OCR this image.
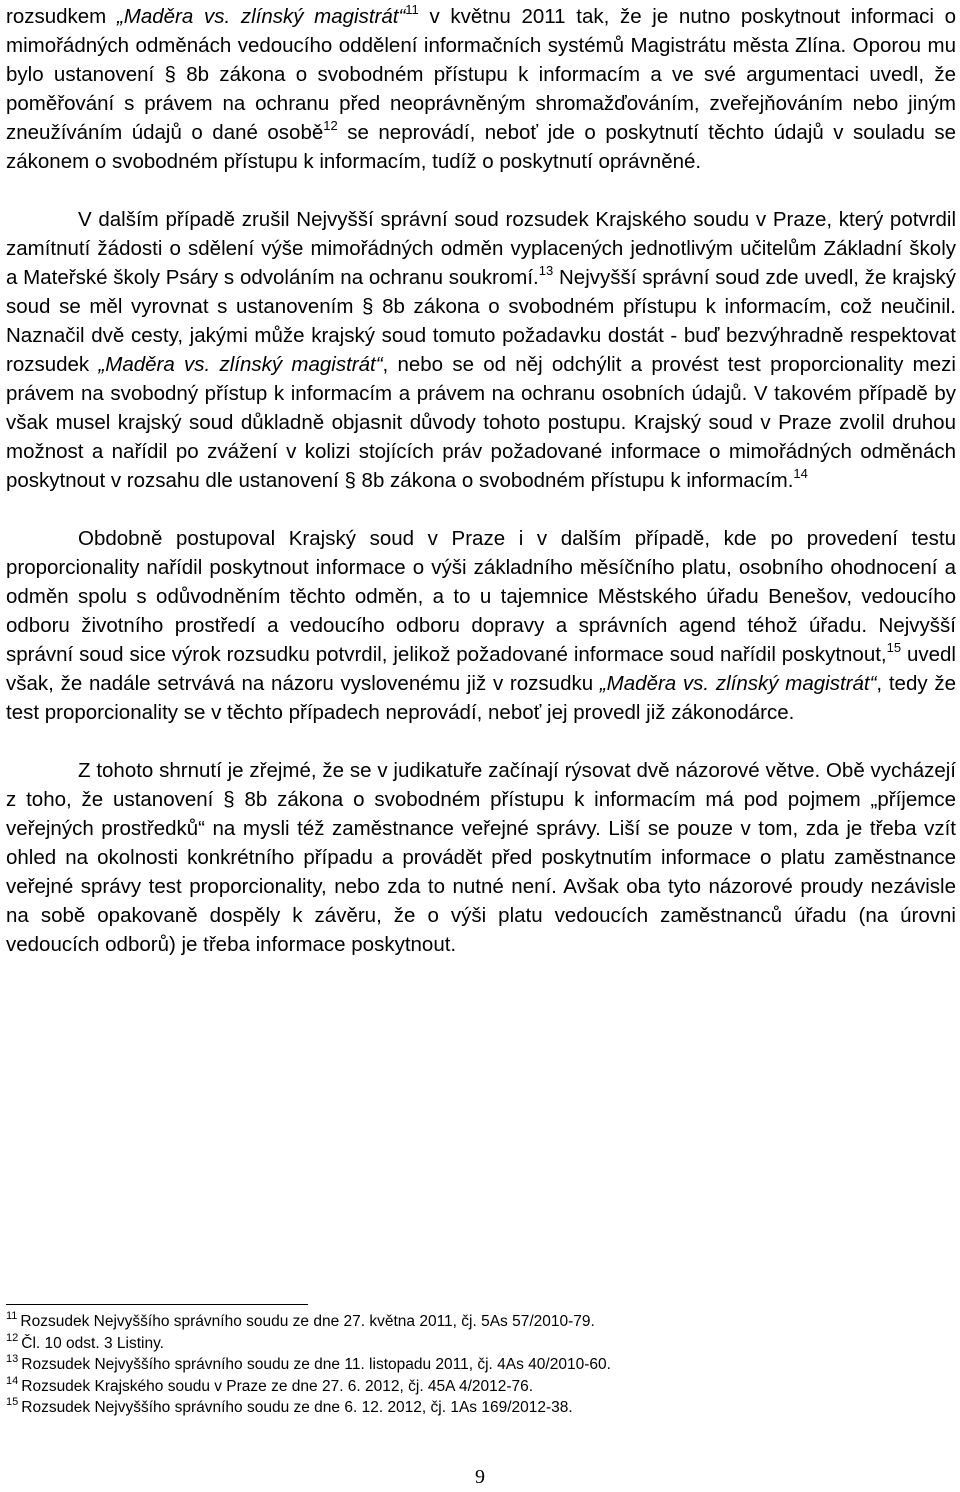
rozsudkem „Maděra vs. zlínský magistrát“$^{11}$ v květnu 2011 tak, že je nutno poskytnout informaci o mimořádných odměnách vedoucího oddělení informačních systémů Magistrátu města Zlína. Oporou mu bylo ustanovení § 8b zákona o svobodném přístupu k informacím a ve své argumentaci uvedl, že poměřování s právem na ochranu před neoprávněným shromažďováním, zveřejňováním nebo jiným zneužíváním údajů o dané osobě$^{12}$ se neprovádí, neboť jde o poskytnutí těchto údajů v souladu se zákonem o svobodném přístupu k informacím, tudíž o poskytnutí oprávněné.

V dalším případě zrušil Nejvyšší správní soud rozsudek Krajského soudu v Praze, který potvrdil zamítnutí žádosti o sdělení výše mimořádných odměn vyplacených jednotlivým učitelům Základní školy a Mateřské školy Psáry s odvoláním na ochranu soukromí.$^{13}$ Nejvyšší správní soud zde uvedl, že krajský soud se měl vyrovnat s ustanovením § 8b zákona o svobodném přístupu k informacím, což neučinil. Naznačil dvě cesty, jakými může krajský soud tomuto požadavku dostát - buď bezvýhradně respektovat rozsudek „Maděra vs. zlínský magistrát“, nebo se od něj odchýlit a provést test proporcionality mezi právem na svobodný přístup k informacím a právem na ochranu osobních údajů. V takovém případě by však musel krajský soud důkladně objasnit důvody tohoto postupu. Krajský soud v Praze zvolil druhou možnost a nařídil po zvážení v kolizi stojících práv požadované informace o mimořádných odměnách poskytnout v rozsahu dle ustanovení § 8b zákona o svobodném přístupu k informacím.$^{14}$

Obdobně postupoval Krajský soud v Praze i v dalším případě, kde po provedení testu proporcionality nařídil poskytnout informace o výši základního měsíčního platu, osobního ohodnocení a odměn spolu s odůvodněním těchto odměn, a to u tajemnice Městského úřadu Benešov, vedoucího odboru životního prostředí a vedoucího odboru dopravy a správních agend téhož úřadu. Nejvyšší správní soud sice výrok rozsudku potvrdil, jelikož požadované informace soud nařídil poskytnout,$^{15}$ uvedl však, že nadále setrvává na názoru vyslovenému již v rozsudku „Maděra vs. zlínský magistrát“, tedy že test proporcionality se v těchto případech neprovádí, neboť jej provedl již zákonodárce.

Z tohoto shrnutí je zřejmé, že se v judikatuře začínají rýsovat dvě názorové větve. Obě vycházejí z toho, že ustanovení § 8b zákona o svobodném přístupu k informacím má pod pojmem „příjemce veřejných prostředků“ na mysli též zaměstnance veřejné správy. Liší se pouze v tom, zda je třeba vzít ohled na okolnosti konkrétního případu a provádět před poskytnutím informace o platu zaměstnance veřejné správy test proporcionality, nebo zda to nutné není. Avšak oba tyto názorové proudy nezávisle na sobě opakovaně dospěly k závěru, že o výši platu vedoucích zaměstnanců úřadu (na úrovni vedoucích odborů) je třeba informace poskytnout.

$^{11}$ Rozsudek Nejvyššího správního soudu ze dne 27. května 2011, čj. 5As 57/2010-79.

$^{12}$ Čl. 10 odst. 3 Listiny.

$^{13}$ Rozsudek Nejvyššího správního soudu ze dne 11. listopadu 2011, čj. 4As 40/2010-60.

$^{14}$ Rozsudek Krajského soudu v Praze ze dne 27. 6. 2012, čj. 45A 4/2012-76.

$^{15}$ Rozsudek Nejvyššího správního soudu ze dne 6. 12. 2012, čj. 1As 169/2012-38.

9
